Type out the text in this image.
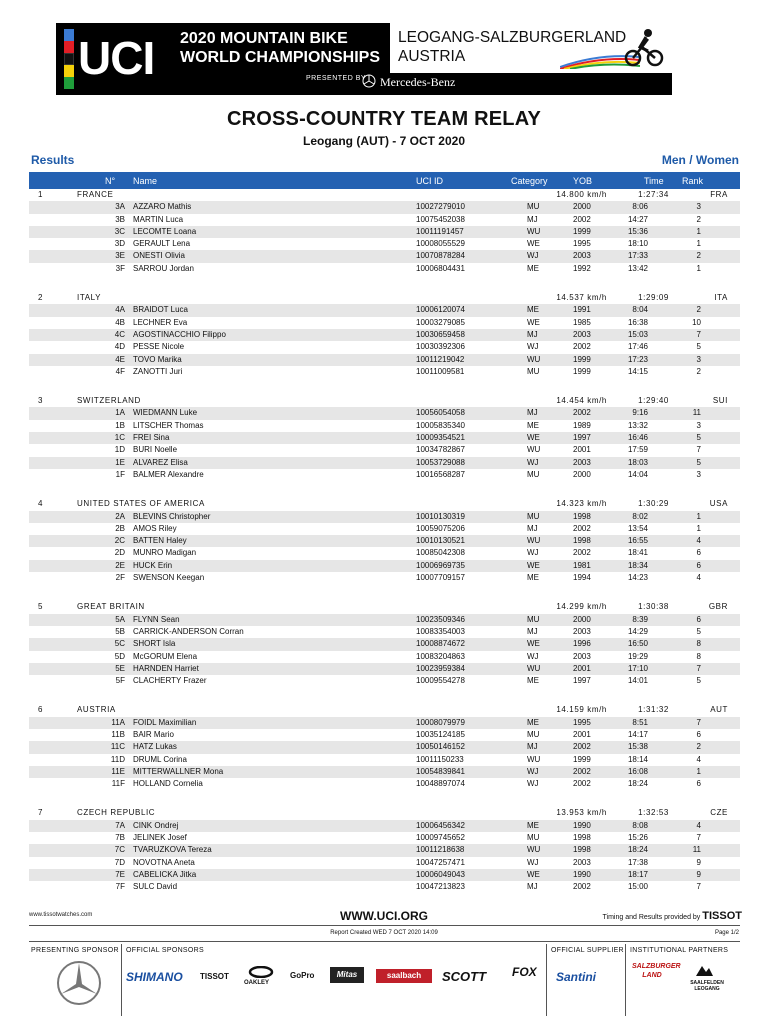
UCI 2020 MOUNTAIN BIKE
WORLD CHAMPIONSHIPS
LEOGANG-SALZBURGERLAND
AUSTRIA
PRESENTED BY Mercedes-Benz
CROSS-COUNTRY TEAM RELAY
Leogang (AUT) - 7 OCT 2020
Results	Men / Women
N° Name	UCI ID	Category	YOB	Time Rank
1	FRANCE	14.800 km/h	1:27:34	FRA
3A AZZARO Mathis	10027279010	MU	2000	8:06	3
3B MARTIN Luca	10075452038	MJ	2002	14:27	2
3C LECOMTE Loana	10011191457	WU	1999	15:36	1
3D GERAULT Lena	10008055529	WE	1995	18:10	1
3E ONESTI Olivia	10070878284	WJ	2003	17:33	2
3F SARROU Jordan	10006804431	ME	1992	13:42	1
2	ITALY	14.537 km/h	1:29:09	ITA
4A BRAIDOT Luca	10006120074	ME	1991	8:04	2
4B LECHNER Eva	10003279085	WE	1985	16:38	10
4C AGOSTINACCHIO Filippo	10030659458	MJ	2003	15:03	7
4D PESSE Nicole	10030392306	WJ	2002	17:46	5
4E TOVO Marika	10011219042	WU	1999	17:23	3
4F ZANOTTI Juri	10011009581	MU	1999	14:15	2
3	SWITZERLAND	14.454 km/h	1:29:40	SUI
1A WIEDMANN Luke	10056054058	MJ	2002	9:16	11
1B LITSCHER Thomas	10005835340	ME	1989	13:32	3
1C FREI Sina	10009354521	WE	1997	16:46	5
1D BURI Noelle	10034782867	WU	2001	17:59	7
1E ALVAREZ Elisa	10053729088	WJ	2003	18:03	5
1F BALMER Alexandre	10016568287	MU	2000	14:04	3
4	UNITED STATES OF AMERICA	14.323 km/h	1:30:29	USA
2A BLEVINS Christopher	10010130319	MU	1998	8:02	1
2B AMOS Riley	10059075206	MJ	2002	13:54	1
2C BATTEN Haley	10010130521	WU	1998	16:55	4
2D MUNRO Madigan	10085042308	WJ	2002	18:41	6
2E HUCK Erin	10006969735	WE	1981	18:34	6
2F SWENSON Keegan	10007709157	ME	1994	14:23	4
5	GREAT BRITAIN	14.299 km/h	1:30:38	GBR
5A FLYNN Sean	10023509346	MU	2000	8:39	6
5B CARRICK-ANDERSON Corran	10083354003	MJ	2003	14:29	5
5C SHORT Isla	10008874672	WE	1996	16:50	8
5D McGORUM Elena	10083204863	WJ	2003	19:29	8
5E HARNDEN Harriet	10023959384	WU	2001	17:10	7
5F CLACHERTY Frazer	10009554278	ME	1997	14:01	5
6	AUSTRIA	14.159 km/h	1:31:32	AUT
11A FOIDL Maximilian	10008079979	ME	1995	8:51	7
11B BAIR Mario	10035124185	MU	2001	14:17	6
11C HATZ Lukas	10050146152	MJ	2002	15:38	2
11D DRUML Corina	10011150233	WU	1999	18:14	4
11E MITTERWALLNER Mona	10054839841	WJ	2002	16:08	1
11F HOLLAND Cornelia	10048897074	WJ	2002	18:24	6
7	CZECH REPUBLIC	13.953 km/h	1:32:53	CZE
7A CINK Ondrej	10006456342	ME	1990	8:08	4
7B JELINEK Josef	10009745652	MU	1998	15:26	7
7C TVARUZKOVA Tereza	10011218638	WU	1998	18:24	11
7D NOVOTNA Aneta	10047257471	WJ	2003	17:38	9
7E CABELICKA Jitka	10006049043	WE	1990	18:17	9
7F SULC David	10047213823	MJ	2002	15:00	7
www.tissotwatches.com	WWW.UCI.ORG	Timing and Results provided by TISSOT
Report Created WED 7 OCT 2020 14:09	Page 1/2
PRESENTING SPONSOR OFFICIAL SPONSORS	OFFICIAL SUPPLIER INSTITUTIONAL PARTNERS
SHIMANO TISSOT
OAKLEY
GoPro	Mitas	saalbach	SCOTT FOX Santini
SALZBURGER LAND
SAALFELDEN LEOGANG
